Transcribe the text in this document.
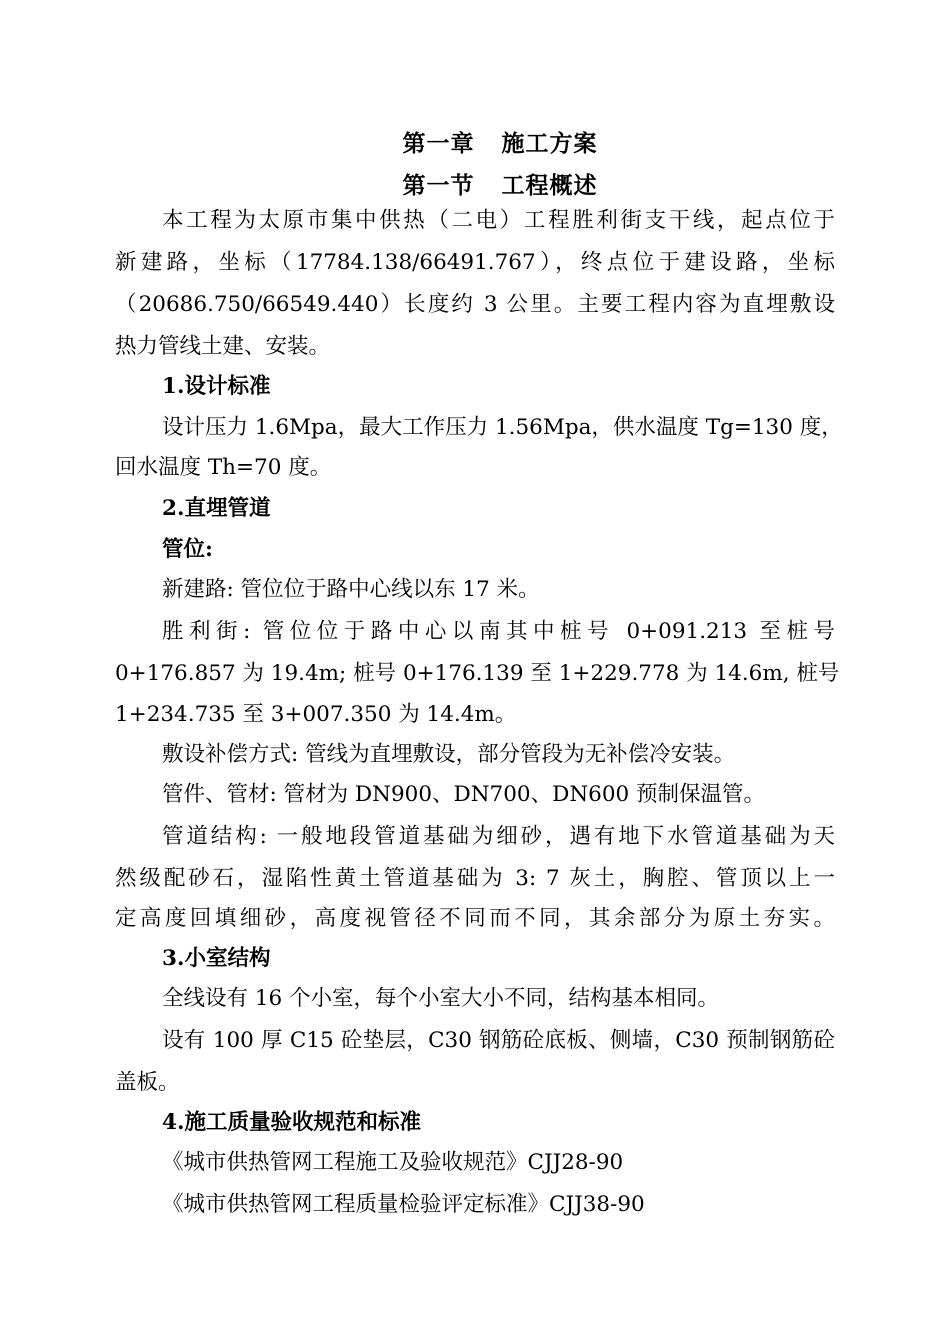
第一章   施工方案
第一节   工程概述
本工程为太原市集中供热（二电）工程胜利街支干线，起点位于
新建路，坐标（17784.138/66491.767），终点位于建设路，坐标
（20686.750/66549.440）长度约 3 公里。主要工程内容为直埋敷设
热力管线土建、安装。
1.设计标准
设计压力 1.6Mpa，最大工作压力 1.56Mpa，供水温度 Tg=130 度，
回水温度 Th=70 度。
2.直埋管道
管位:
新建路: 管位位于路中心线以东 17 米。
胜利街: 管位位于路中心以南其中桩号 0+091.213 至桩号
0+176.857 为 19.4m; 桩号 0+176.139 至 1+229.778 为 14.6m, 桩号
1+234.735 至 3+007.350 为 14.4m。
敷设补偿方式: 管线为直埋敷设，部分管段为无补偿冷安装。
管件、管材: 管材为 DN900、DN700、DN600 预制保温管。
管道结构: 一般地段管道基础为细砂，遇有地下水管道基础为天
然级配砂石，湿陷性黄土管道基础为 3: 7 灰土，胸腔、管顶以上一
定高度回填细砂，高度视管径不同而不同，其余部分为原土夯实。
3.小室结构
全线设有 16 个小室，每个小室大小不同，结构基本相同。
设有 100 厚 C15 砼垫层，C30 钢筋砼底板、侧墙，C30 预制钢筋砼
盖板。
4.施工质量验收规范和标准
《城市供热管网工程施工及验收规范》CJJ28-90
《城市供热管网工程质量检验评定标准》CJJ38-90
